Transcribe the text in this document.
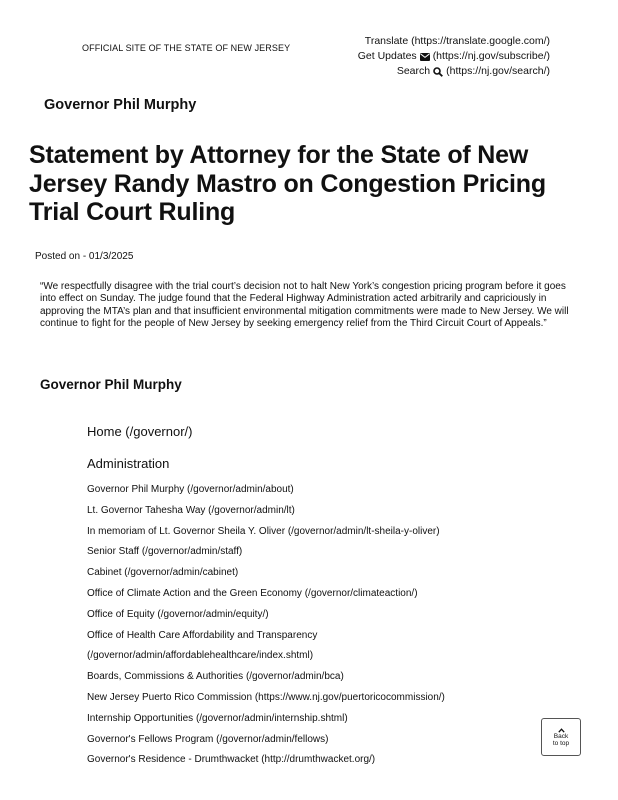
OFFICIAL SITE OF THE STATE OF NEW JERSEY
Translate (https://translate.google.com/)
Get Updates (https://nj.gov/subscribe/)
Search (https://nj.gov/search/)
Governor Phil Murphy
Statement by Attorney for the State of New Jersey Randy Mastro on Congestion Pricing Trial Court Ruling
Posted on - 01/3/2025

“We respectfully disagree with the trial court’s decision not to halt New York’s congestion pricing program before it goes into effect on Sunday. The judge found that the Federal Highway Administration acted arbitrarily and capriciously in approving the MTA’s plan and that insufficient environmental mitigation commitments were made to New Jersey. We will continue to fight for the people of New Jersey by seeking emergency relief from the Third Circuit Court of Appeals.”

Governor Phil Murphy
Home (/governor/)
Administration
Governor Phil Murphy (/governor/admin/about)
Lt. Governor Tahesha Way (/governor/admin/lt)
In memoriam of Lt. Governor Sheila Y. Oliver (/governor/admin/lt-sheila-y-oliver)
Senior Staff (/governor/admin/staff)
Cabinet (/governor/admin/cabinet)
Office of Climate Action and the Green Economy (/governor/climateaction/)
Office of Equity (/governor/admin/equity/)
Office of Health Care Affordability and Transparency
(/governor/admin/affordablehealthcare/index.shtml)
Boards, Commissions & Authorities (/governor/admin/bca)
New Jersey Puerto Rico Commission (https://www.nj.gov/puertoricocommission/)
Internship Opportunities (/governor/admin/internship.shtml)
Governor's Fellows Program (/governor/admin/fellows)
Governor's Residence - Drumthwacket (http://drumthwacket.org/)
Back
to top
